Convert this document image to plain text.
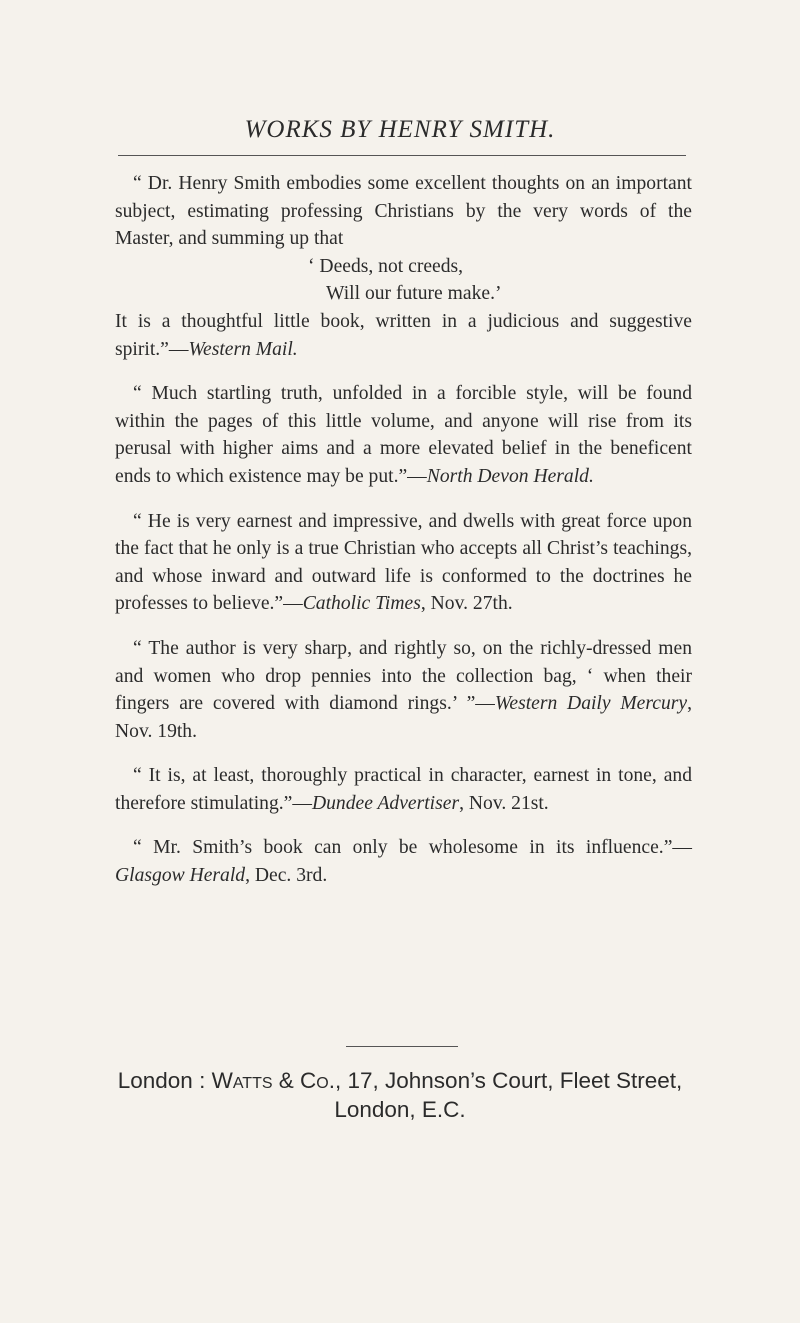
WORKS BY HENRY SMITH.
“ Dr. Henry Smith embodies some excellent thoughts on an important subject, estimating professing Christians by the very words of the Master, and summing up that
‘ Deeds, not creeds,
Will our future make.’
It is a thoughtful little book, written in a judicious and suggestive spirit.”—Western Mail.
“ Much startling truth, unfolded in a forcible style, will be found within the pages of this little volume, and anyone will rise from its perusal with higher aims and a more elevated belief in the beneficent ends to which existence may be put.”—North Devon Herald.
“ He is very earnest and impressive, and dwells with great force upon the fact that he only is a true Christian who accepts all Christ’s teachings, and whose inward and outward life is conformed to the doctrines he professes to believe.”—Catholic Times, Nov. 27th.
“ The author is very sharp, and rightly so, on the richly-dressed men and women who drop pennies into the collection bag, ‘ when their fingers are covered with diamond rings.’ ”—Western Daily Mercury, Nov. 19th.
“ It is, at least, thoroughly practical in character, earnest in tone, and therefore stimulating.”—Dundee Advertiser, Nov. 21st.
“ Mr. Smith’s book can only be wholesome in its influence.”—Glasgow Herald, Dec. 3rd.
London : Watts & Co., 17, Johnson’s Court, Fleet Street,
London, E.C.
